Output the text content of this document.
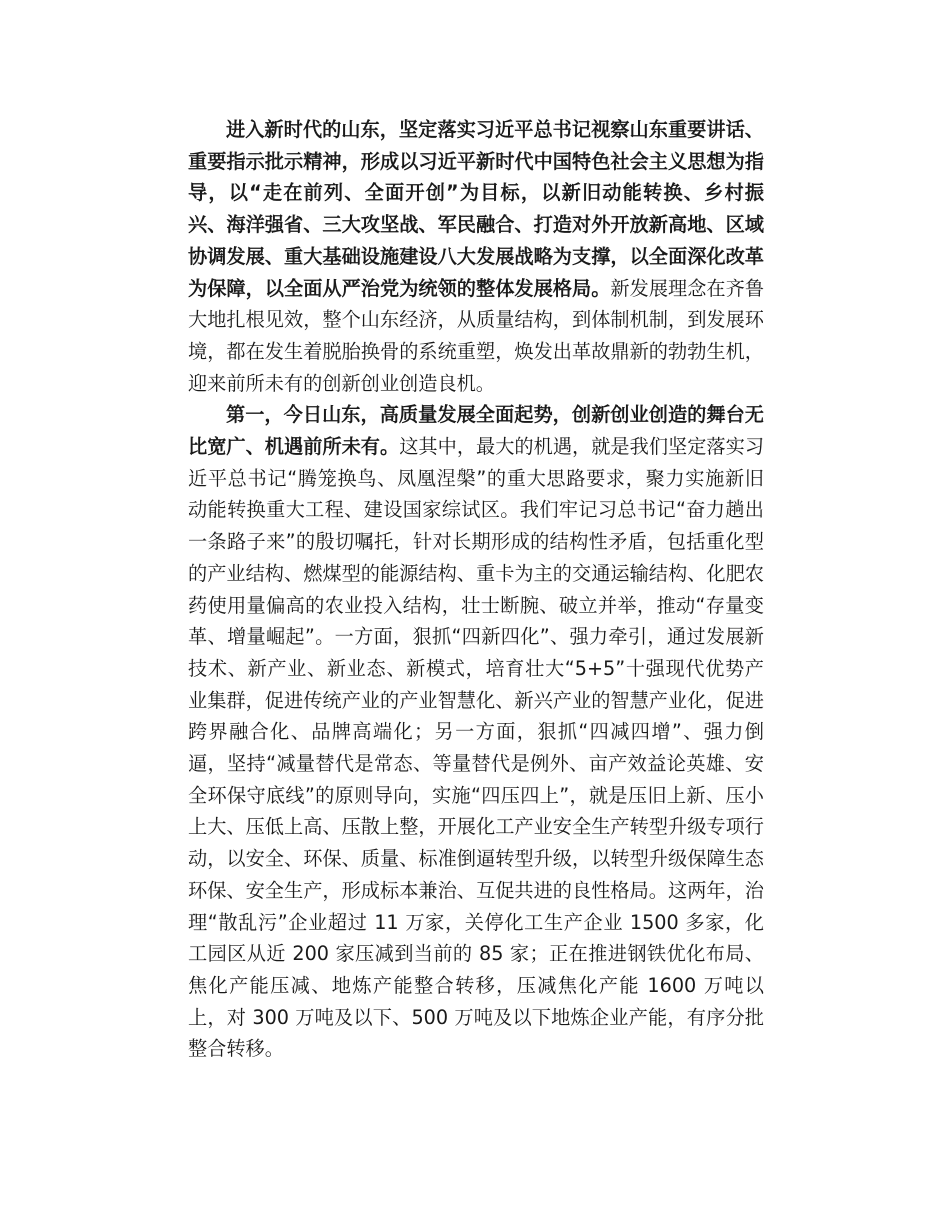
进入新时代的山东，坚定落实习近平总书记视察山东重要讲话、重要指示批示精神，形成以习近平新时代中国特色社会主义思想为指导，以“走在前列、全面开创”为目标，以新旧动能转换、乡村振兴、海洋强省、三大攻坚战、军民融合、打造对外开放新高地、区域协调发展、重大基础设施建设八大发展战略为支撑，以全面深化改革为保障，以全面从严治党为统领的整体发展格局。新发展理念在齐鲁大地扎根见效，整个山东经济，从质量结构，到体制机制，到发展环境，都在发生着脱胎换骨的系统重塑，焕发出革故鼎新的勃勃生机，迎来前所未有的创新创业创造良机。

第一，今日山东，高质量发展全面起势，创新创业创造的舞台无比宽广、机遇前所未有。这其中，最大的机遇，就是我们坚定落实习近平总书记“腾笼换鸟、凤凰涅槃”的重大思路要求，聚力实施新旧动能转换重大工程、建设国家综试区。我们牢记习总书记“奋力趟出一条路子来”的殷切嘱托，针对长期形成的结构性矛盾，包括重化型的产业结构、燃煤型的能源结构、重卡为主的交通运输结构、化肥农药使用量偏高的农业投入结构，壮士断腕、破立并举，推动“存量变革、增量崛起”。一方面，狠抓“四新四化”、强力牵引，通过发展新技术、新产业、新业态、新模式，培育壮大“5+5”十强现代优势产业集群，促进传统产业的产业智慧化、新兴产业的智慧产业化，促进跨界融合化、品牌高端化；另一方面，狠抓“四减四增”、强力倒逼，坚持“减量替代是常态、等量替代是例外、亩产效益论英雄、安全环保守底线”的原则导向，实施“四压四上”，就是压旧上新、压小上大、压低上高、压散上整，开展化工产业安全生产转型升级专项行动，以安全、环保、质量、标准倒逼转型升级，以转型升级保障生态环保、安全生产，形成标本兼治、互促共进的良性格局。这两年，治理“散乱污”企业超过 11 万家，关停化工生产企业 1500 多家，化工园区从近 200 家压减到当前的 85 家；正在推进钢铁优化布局、焦化产能压减、地炼产能整合转移，压减焦化产能 1600 万吨以上，对 300 万吨及以下、500 万吨及以下地炼企业产能，有序分批整合转移。
